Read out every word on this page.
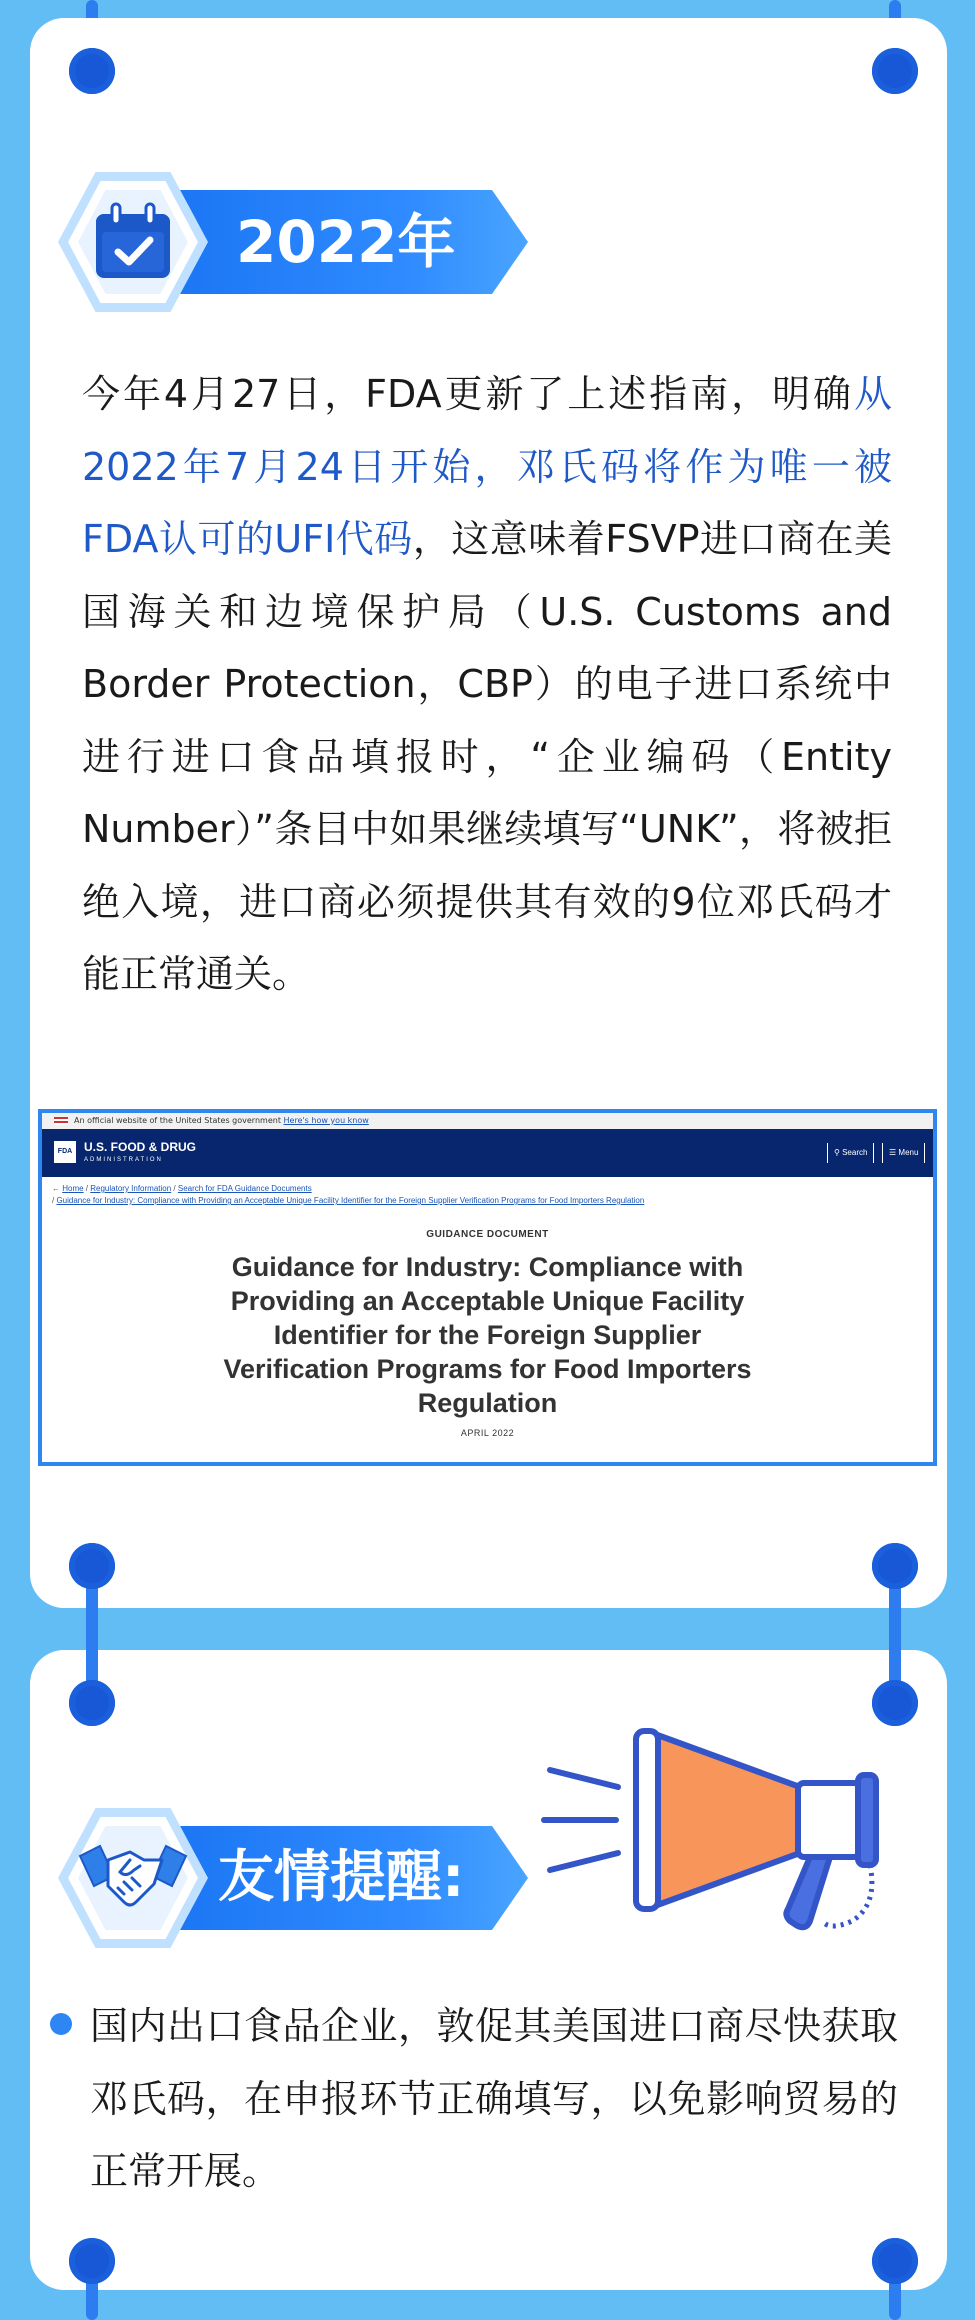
2022年
今年4月27日，FDA更新了上述指南，明确从2022年7月24日开始，邓氏码将作为唯一被FDA认可的UFI代码，这意味着FSVP进口商在美国海关和边境保护局（U.S. Customs and Border Protection，CBP）的电子进口系统中进行进口食品填报时，“企业编码（Entity　Number）”条目中如果继续填写“UNK”，将被拒绝入境，进口商必须提供其有效的9位邓氏码才能正常通关。
An official website of the United States government Here's how you know
FDA U.S. FOOD & DRUG
ADMINISTRATION
⚲ Search	☰ Menu
← Home / Regulatory Information / Search for FDA Guidance Documents
/ Guidance for Industry: Compliance with Providing an Acceptable Unique Facility Identifier for the Foreign Supplier Verification Programs for Food Importers Regulation
GUIDANCE DOCUMENT
Guidance for Industry: Compliance with Providing an Acceptable Unique Facility Identifier for the Foreign Supplier Verification Programs for Food Importers Regulation
APRIL 2022
友情提醒:
国内出口食品企业，敦促其美国进口商尽快获取邓氏码，在申报环节正确填写，以免影响贸易的正常开展。
